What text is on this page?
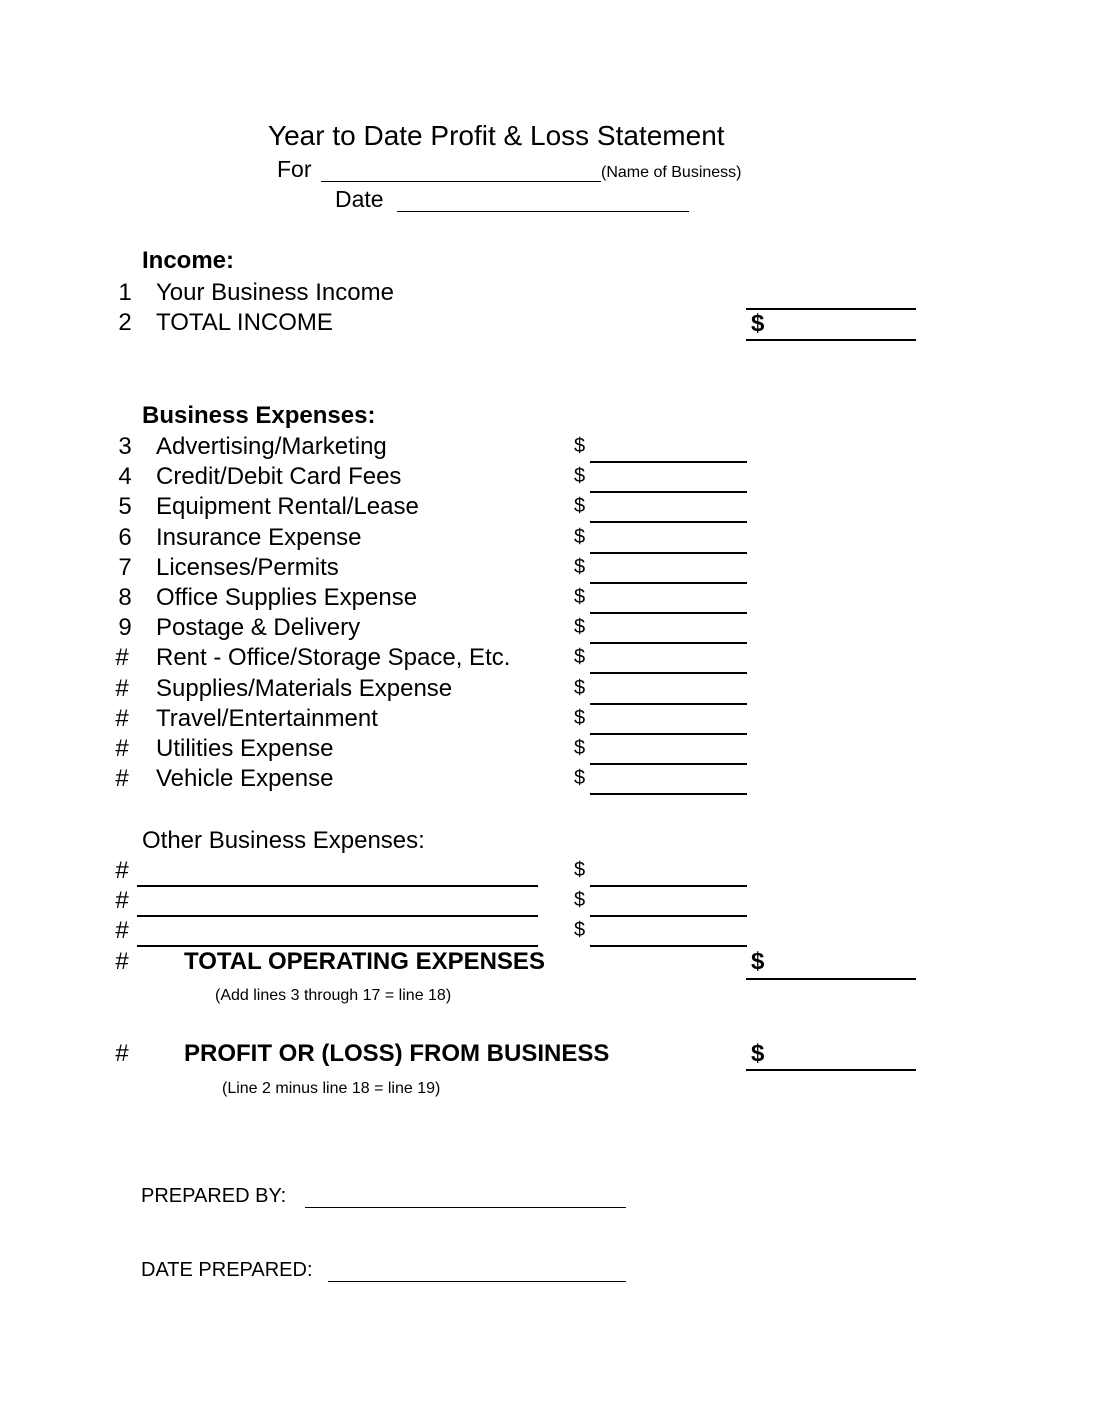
Year to Date Profit & Loss Statement
For	(Name of Business)
Date
Income:
1 Your Business Income
2 TOTAL INCOME	$
Business Expenses:
3 Advertising/Marketing	$
4 Credit/Debit Card Fees	$
5 Equipment Rental/Lease	$
6 Insurance Expense	$
7 Licenses/Permits	$
8 Office Supplies Expense	$
9 Postage & Delivery	$
# Rent - Office/Storage Space, Etc.	$
# Supplies/Materials Expense	$
# Travel/Entertainment	$
# Utilities Expense	$
# Vehicle Expense	$
Other Business Expenses:
#	$
#	$
#	$
# TOTAL OPERATING EXPENSES	$
(Add lines 3 through 17 = line 18)
# PROFIT OR (LOSS) FROM BUSINESS	$
(Line 2 minus line 18 = line 19)
PREPARED BY:
DATE PREPARED:
